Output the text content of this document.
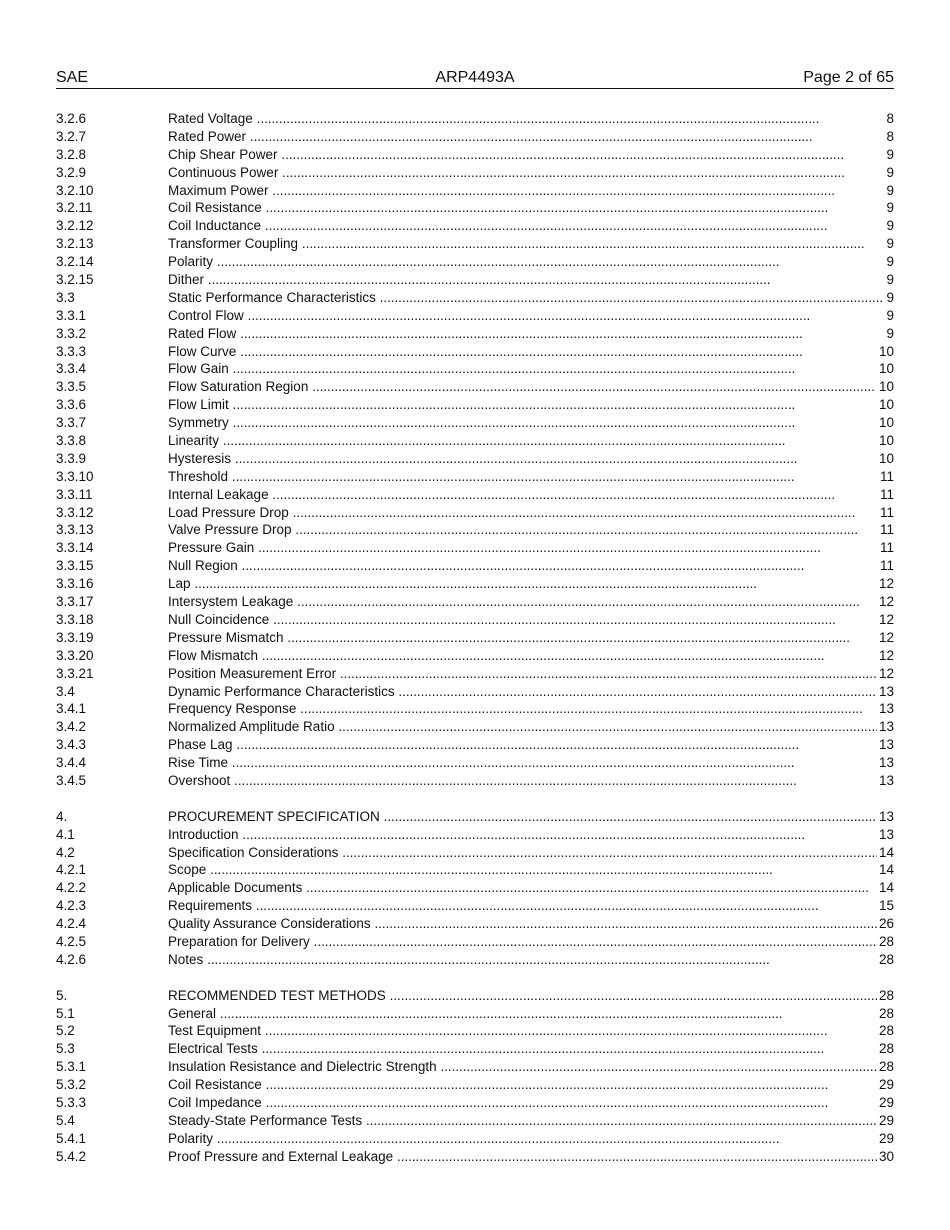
SAE	ARP4493A	Page 2 of 65
3.2.6	Rated Voltage . . .	8
3.2.7	Rated Power . . .	8
3.2.8	Chip Shear Power . . .	9
3.2.9	Continuous Power . . .	9
3.2.10	Maximum Power . . .	9
3.2.11	Coil Resistance . . .	9
3.2.12	Coil Inductance . . .	9
3.2.13	Transformer Coupling . . .	9
3.2.14	Polarity . . .	9
3.2.15	Dither . . .	9
3.3	Static Performance Characteristics . . .	9
3.3.1	Control Flow . . .	9
3.3.2	Rated Flow . . .	9
3.3.3	Flow Curve . . .	10
3.3.4	Flow Gain . . .	10
3.3.5	Flow Saturation Region . . .	10
3.3.6	Flow Limit . . .	10
3.3.7	Symmetry . . .	10
3.3.8	Linearity . . .	10
3.3.9	Hysteresis . . .	10
3.3.10	Threshold . . .	11
3.3.11	Internal Leakage . . .	11
3.3.12	Load Pressure Drop . . .	11
3.3.13	Valve Pressure Drop . . .	11
3.3.14	Pressure Gain . . .	11
3.3.15	Null Region . . .	11
3.3.16	Lap . . .	12
3.3.17	Intersystem Leakage . . .	12
3.3.18	Null Coincidence . . .	12
3.3.19	Pressure Mismatch . . .	12
3.3.20	Flow Mismatch . . .	12
3.3.21	Position Measurement Error . . .	12
3.4	Dynamic Performance Characteristics . . .	13
3.4.1	Frequency Response . . .	13
3.4.2	Normalized Amplitude Ratio . . .	13
3.4.3	Phase Lag . . .	13
3.4.4	Rise Time . . .	13
3.4.5	Overshoot . . .	13
4.	PROCUREMENT SPECIFICATION . . .	13
4.1	Introduction . . .	13
4.2	Specification Considerations . . .	14
4.2.1	Scope . . .	14
4.2.2	Applicable Documents . . .	14
4.2.3	Requirements . . .	15
4.2.4	Quality Assurance Considerations . . .	26
4.2.5	Preparation for Delivery . . .	28
4.2.6	Notes . . .	28
5.	RECOMMENDED TEST METHODS . . .	28
5.1	General . . .	28
5.2	Test Equipment . . .	28
5.3	Electrical Tests . . .	28
5.3.1	Insulation Resistance and Dielectric Strength . . .	28
5.3.2	Coil Resistance . . .	29
5.3.3	Coil Impedance . . .	29
5.4	Steady-State Performance Tests . . .	29
5.4.1	Polarity . . .	29
5.4.2	Proof Pressure and External Leakage . . .	30
